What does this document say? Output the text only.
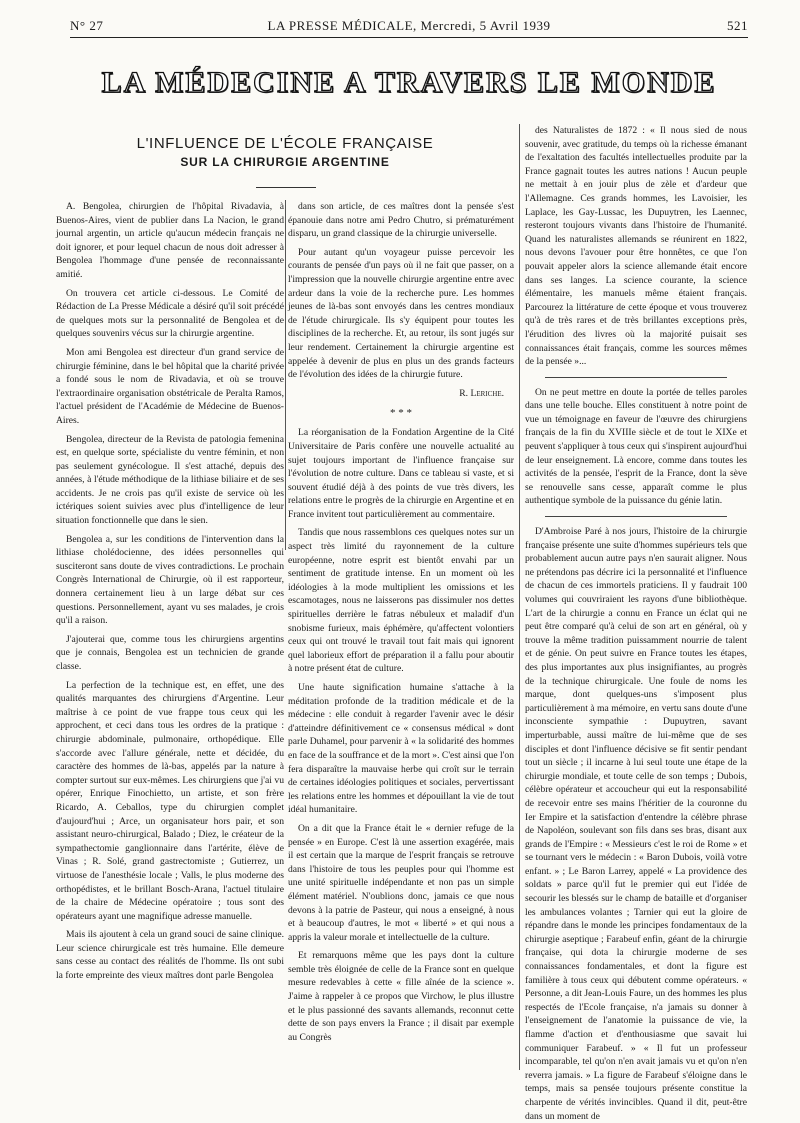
N° 27	LA PRESSE MÉDICALE, Mercredi, 5 Avril 1939	521
LA MÉDECINE A TRAVERS LE MONDE
L'INFLUENCE DE L'ÉCOLE FRANÇAISE
SUR LA CHIRURGIE ARGENTINE

A. Bengolea, chirurgien de l'hôpital Rivadavia, à Buenos-Aires, vient de publier dans La Nacion, le grand journal argentin, un article qu'aucun médecin français ne doit ignorer, et pour lequel chacun de nous doit adresser à Bengolea l'hommage d'une pensée de reconnaissante amitié.

On trouvera cet article ci-dessous. Le Comité de Rédaction de La Presse Médicale a désiré qu'il soit précédé de quelques mots sur la personnalité de Bengolea et de quelques souvenirs vécus sur la chirurgie argentine.

Mon ami Bengolea est directeur d'un grand service de chirurgie féminine, dans le bel hôpital que la charité privée a fondé sous le nom de Rivadavia, et où se trouve l'extraordinaire organisation obstétricale de Peralta Ramos, l'actuel président de l'Académie de Médecine de Buenos-Aires.

Bengolea, directeur de la Revista de patologia femenina est, en quelque sorte, spécialiste du ventre féminin, et non pas seulement gynécologue. Il s'est attaché, depuis des années, à l'étude méthodique de la lithiase biliaire et de ses accidents. Je ne crois pas qu'il existe de service où les ictériques soient suivies avec plus d'intelligence de leur situation fonctionnelle que dans le sien.

Bengolea a, sur les conditions de l'intervention dans la lithiase cholédocienne, des idées personnelles qui susciteront sans doute de vives contradictions. Le prochain Congrès International de Chirurgie, où il est rapporteur, donnera certainement lieu à un large débat sur ces questions. Personnellement, ayant vu ses malades, je crois qu'il a raison.

J'ajouterai que, comme tous les chirurgiens argentins que je connais, Bengolea est un technicien de grande classe.

La perfection de la technique est, en effet, une des qualités marquantes des chirurgiens d'Argentine. Leur maîtrise à ce point de vue frappe tous ceux qui les approchent, et ceci dans tous les ordres de la pratique : chirurgie abdominale, pulmonaire, orthopédique. Elle s'accorde avec l'allure générale, nette et décidée, du caractère des hommes de là-bas, appelés par la nature à compter surtout sur eux-mêmes. Les chirurgiens que j'ai vu opérer, Enrique Finochietto, un artiste, et son frère Ricardo, A. Ceballos, type du chirurgien complet d'aujourd'hui ; Arce, un organisateur hors pair, et son assistant neuro-chirurgical, Balado ; Diez, le créateur de la sympathectomie ganglionnaire dans l'artérite, élève de Vinas ; R. Solé, grand gastrectomiste ; Gutierrez, un virtuose de l'anesthésie locale ; Valls, le plus moderne des orthopédistes, et le brillant Bosch-Arana, l'actuel titulaire de la chaire de Médecine opératoire ; tous sont des opérateurs ayant une magnifique adresse manuelle.

Mais ils ajoutent à cela un grand souci de saine clinique. Leur science chirurgicale est très humaine. Elle demeure sans cesse au contact des réalités de l'homme. Ils ont subi la forte empreinte des vieux maîtres dont parle Bengolea

dans son article, de ces maîtres dont la pensée s'est épanouie dans notre ami Pedro Chutro, si prématurément disparu, un grand classique de la chirurgie universelle.

Pour autant qu'un voyageur puisse percevoir les courants de pensée d'un pays où il ne fait que passer, on a l'impression que la nouvelle chirurgie argentine entre avec ardeur dans la voie de la recherche pure. Les hommes jeunes de là-bas sont envoyés dans les centres mondiaux de l'étude chirurgicale. Ils s'y équipent pour toutes les disciplines de la recherche. Et, au retour, ils sont jugés sur leur rendement. Certainement la chirurgie argentine est appelée à devenir de plus en plus un des grands facteurs de l'évolution des idées de la chirurgie future.

R. Leriche.

* * *

La réorganisation de la Fondation Argentine de la Cité Universitaire de Paris confère une nouvelle actualité au sujet toujours important de l'influence française sur l'évolution de notre culture. Dans ce tableau si vaste, et si souvent étudié déjà à des points de vue très divers, les relations entre le progrès de la chirurgie en Argentine et en France invitent tout particulièrement au commentaire.

Tandis que nous rassemblons ces quelques notes sur un aspect très limité du rayonnement de la culture européenne, notre esprit est bientôt envahi par un sentiment de gratitude intense. En un moment où les idéologies à la mode multiplient les omissions et les escamotages, nous ne laisserons pas dissimuler nos dettes spirituelles derrière le fatras nébuleux et maladif d'un snobisme furieux, mais éphémère, qu'affectent volontiers ceux qui ont trouvé le travail tout fait mais qui ignorent quel laborieux effort de préparation il a fallu pour aboutir à notre présent état de culture.

Une haute signification humaine s'attache à la méditation profonde de la tradition médicale et de la médecine : elle conduit à regarder l'avenir avec le désir d'atteindre définitivement ce « consensus médical » dont parle Duhamel, pour parvenir à « la solidarité des hommes en face de la souffrance et de la mort ». C'est ainsi que l'on fera disparaître la mauvaise herbe qui croît sur le terrain de certaines idéologies politiques et sociales, pervertissant les relations entre les hommes et dépouillant la vie de tout idéal humanitaire.

On a dit que la France était le « dernier refuge de la pensée » en Europe. C'est là une assertion exagérée, mais il est certain que la marque de l'esprit français se retrouve dans l'histoire de tous les peuples pour qui l'homme est une unité spirituelle indépendante et non pas un simple élément matériel. N'oublions donc, jamais ce que nous devons à la patrie de Pasteur, qui nous a enseigné, à nous et à beaucoup d'autres, le mot « liberté » et qui nous a appris la valeur morale et intellectuelle de la culture.

Et remarquons même que les pays dont la culture semble très éloignée de celle de la France sont en quelque mesure redevables à cette « fille aînée de la science ». J'aime à rappeler à ce propos que Virchow, le plus illustre et le plus passionné des savants allemands, reconnut cette dette de son pays envers la France ; il disait par exemple au Congrès

des Naturalistes de 1872 : « Il nous sied de nous souvenir, avec gratitude, du temps où la richesse émanant de l'exaltation des facultés intellectuelles produite par la France gagnait toutes les autres nations ! Aucun peuple ne mettait à en jouir plus de zèle et d'ardeur que l'Allemagne. Ces grands hommes, les Lavoisier, les Laplace, les Gay-Lussac, les Dupuytren, les Laennec, resteront toujours vivants dans l'histoire de l'humanité. Quand les naturalistes allemands se réunirent en 1822, nous devons l'avouer pour être honnêtes, ce que l'on pouvait appeler alors la science allemande était encore dans ses langes. La science courante, la science élémentaire, les manuels même étaient français. Parcourez la littérature de cette époque et vous trouverez qu'à de très rares et de très brillantes exceptions près, l'érudition des livres où la majorité puisait ses connaissances était français, comme les sources mêmes de la pensée »...

On ne peut mettre en doute la portée de telles paroles dans une telle bouche. Elles constituent à notre point de vue un témoignage en faveur de l'œuvre des chirurgiens français de la fin du XVIIIe siècle et de tout le XIXe et peuvent s'appliquer à tous ceux qui s'inspirent aujourd'hui de leur enseignement. Là encore, comme dans toutes les activités de la pensée, l'esprit de la France, dont la sève se renouvelle sans cesse, apparaît comme le plus authentique symbole de la puissance du génie latin.

D'Ambroise Paré à nos jours, l'histoire de la chirurgie française présente une suite d'hommes supérieurs tels que probablement aucun autre pays n'en saurait aligner. Nous ne prétendons pas décrire ici la personnalité et l'influence de chacun de ces immortels praticiens. Il y faudrait 100 volumes qui couvriraient les rayons d'une bibliothèque. L'art de la chirurgie a connu en France un éclat qui ne peut être comparé qu'à celui de son art en général, où y trouve la même tradition puissamment nourrie de talent et de génie. On peut suivre en France toutes les étapes, des plus importantes aux plus insignifiantes, au progrès de la technique chirurgicale. Une foule de noms les marque, dont quelques-uns s'imposent plus particulièrement à ma mémoire, en vertu sans doute d'une inconsciente sympathie : Dupuytren, savant imperturbable, aussi maître de lui-même que de ses disciples et dont l'influence décisive se fit sentir pendant tout un siècle ; il incarne à lui seul toute une étape de la chirurgie mondiale, et toute celle de son temps ; Dubois, célèbre opérateur et accoucheur qui eut la responsabilité de recevoir entre ses mains l'héritier de la couronne du Ier Empire et la satisfaction d'entendre la célèbre phrase de Napoléon, soulevant son fils dans ses bras, disant aux grands de l'Empire : « Messieurs c'est le roi de Rome » et se tournant vers le médecin : « Baron Dubois, voilà votre enfant. » ; Le Baron Larrey, appelé « La providence des soldats » parce qu'il fut le premier qui eut l'idée de secourir les blessés sur le champ de bataille et d'organiser les ambulances volantes ; Tarnier qui eut la gloire de répandre dans le monde les principes fondamentaux de la chirurgie aseptique ; Farabeuf enfin, géant de la chirurgie française, qui dota la chirurgie moderne de ses connaissances fondamentales, et dont la figure est familière à tous ceux qui débutent comme opérateurs. « Personne, a dit Jean-Louis Faure, un des hommes les plus respectés de l'Ecole française, n'a jamais su donner à l'enseignement de l'anatomie la puissance de vie, la flamme d'action et d'enthousiasme que savait lui communiquer Farabeuf. » « Il fut un professeur incomparable, tel qu'on n'en avait jamais vu et qu'on n'en reverra jamais. » La figure de Farabeuf s'éloigne dans le temps, mais sa pensée toujours présente constitue la charpente de vérités invincibles. Quand il dit, peut-être dans un moment de
